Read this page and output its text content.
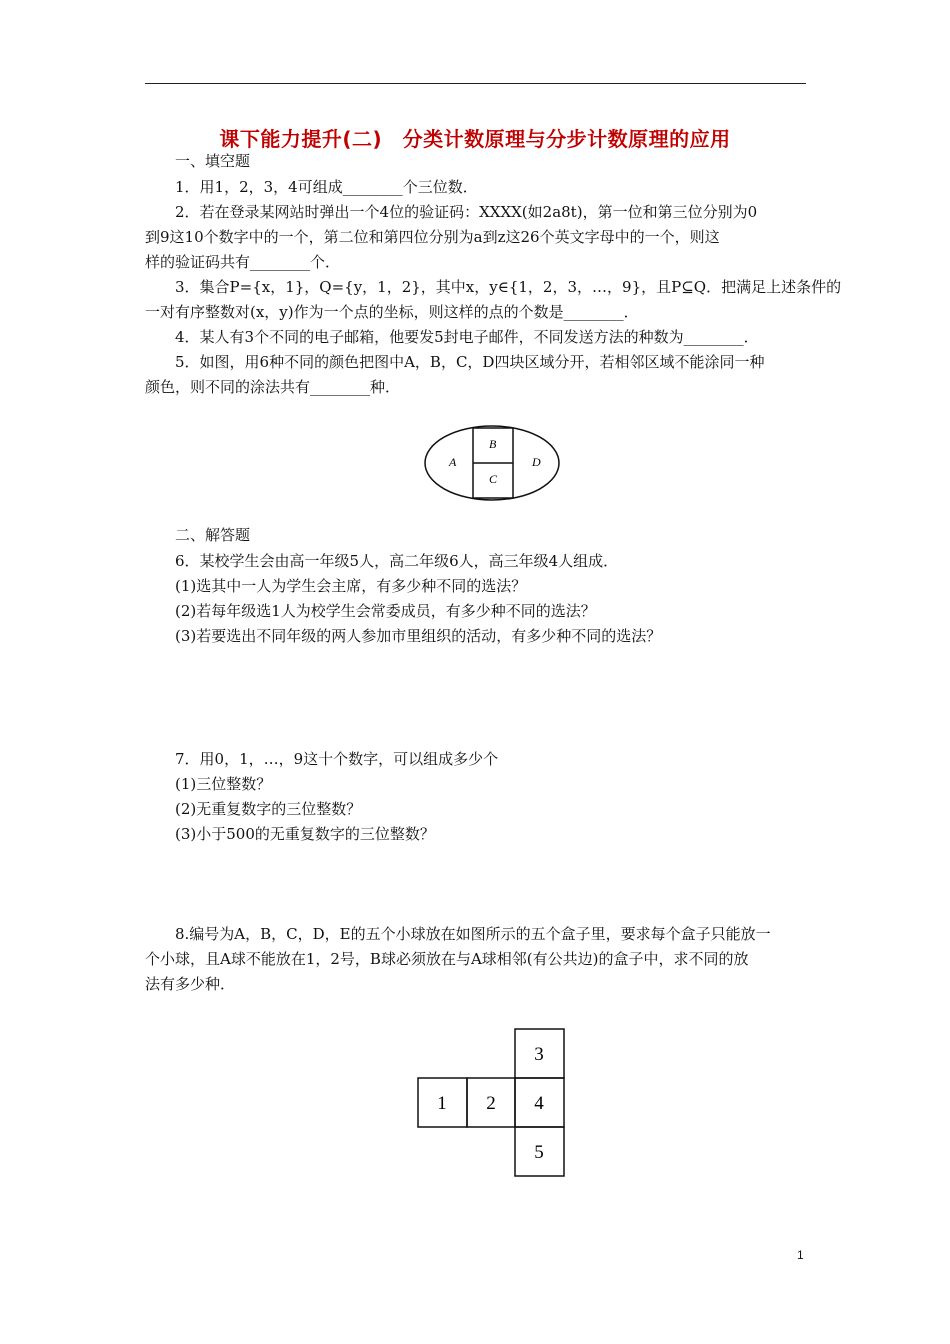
课下能力提升(二)　分类计数原理与分步计数原理的应用
一、填空题
1．用1，2，3，4可组成________个三位数．
2．若在登录某网站时弹出一个4位的验证码：XXXX(如2a8t)，第一位和第三位分别为0
到9这10个数字中的一个，第二位和第四位分别为a到z这26个英文字母中的一个，则这
样的验证码共有________个．
3．集合P={x，1}，Q={y，1，2}，其中x，y∈{1，2，3，…，9}，且P⊆Q．把满足上述条件的
一对有序整数对(x，y)作为一个点的坐标，则这样的点的个数是________．
4．某人有3个不同的电子邮箱，他要发5封电子邮件，不同发送方法的种数为________．
5．如图，用6种不同的颜色把图中A，B，C，D四块区域分开，若相邻区域不能涂同一种
颜色，则不同的涂法共有________种．
A
B
C
D
二、解答题
6．某校学生会由高一年级5人，高二年级6人，高三年级4人组成．
(1)选其中一人为学生会主席，有多少种不同的选法？
(2)若每年级选1人为校学生会常委成员，有多少种不同的选法？
(3)若要选出不同年级的两人参加市里组织的活动，有多少种不同的选法？
7．用0，1，…，9这十个数字，可以组成多少个
(1)三位整数？
(2)无重复数字的三位整数？
(3)小于500的无重复数字的三位整数？
8.编号为A，B，C，D，E的五个小球放在如图所示的五个盒子里，要求每个盒子只能放一
个小球，且A球不能放在1，2号，B球必须放在与A球相邻(有公共边)的盒子中，求不同的放
法有多少种．
3
1 2 4
5
1
